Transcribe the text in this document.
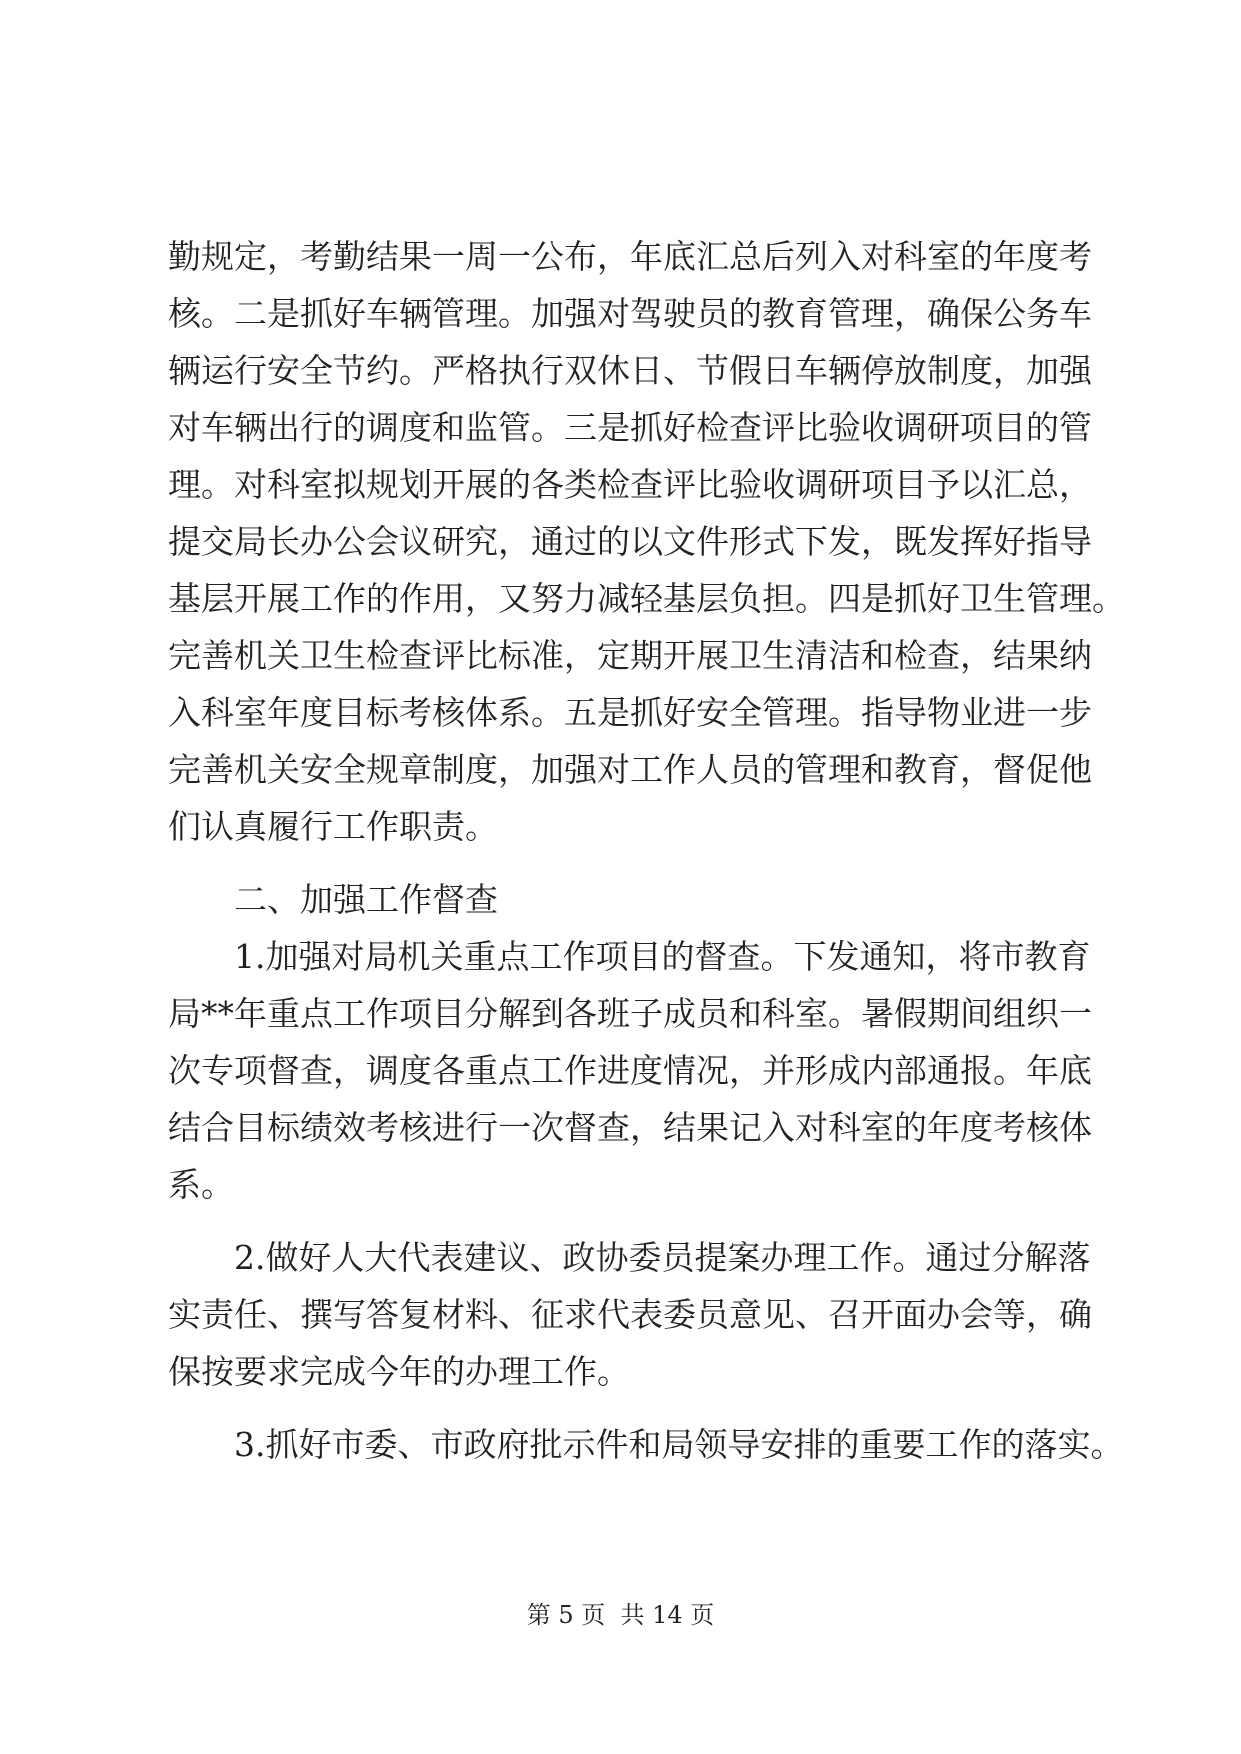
勤规定，考勤结果一周一公布，年底汇总后列入对科室的年度考
核。二是抓好车辆管理。加强对驾驶员的教育管理，确保公务车
辆运行安全节约。严格执行双休日、节假日车辆停放制度，加强
对车辆出行的调度和监管。三是抓好检查评比验收调研项目的管
理。对科室拟规划开展的各类检查评比验收调研项目予以汇总，
提交局长办公会议研究，通过的以文件形式下发，既发挥好指导
基层开展工作的作用，又努力减轻基层负担。四是抓好卫生管理。
完善机关卫生检查评比标准，定期开展卫生清洁和检查，结果纳
入科室年度目标考核体系。五是抓好安全管理。指导物业进一步
完善机关安全规章制度，加强对工作人员的管理和教育，督促他
们认真履行工作职责。
　　二、加强工作督查
　　1.加强对局机关重点工作项目的督查。下发通知，将市教育
局**年重点工作项目分解到各班子成员和科室。暑假期间组织一
次专项督查，调度各重点工作进度情况，并形成内部通报。年底
结合目标绩效考核进行一次督查，结果记入对科室的年度考核体
系。
　　2.做好人大代表建议、政协委员提案办理工作。通过分解落
实责任、撰写答复材料、征求代表委员意见、召开面办会等，确
保按要求完成今年的办理工作。
　　3.抓好市委、市政府批示件和局领导安排的重要工作的落实。
第 5 页  共 14 页
